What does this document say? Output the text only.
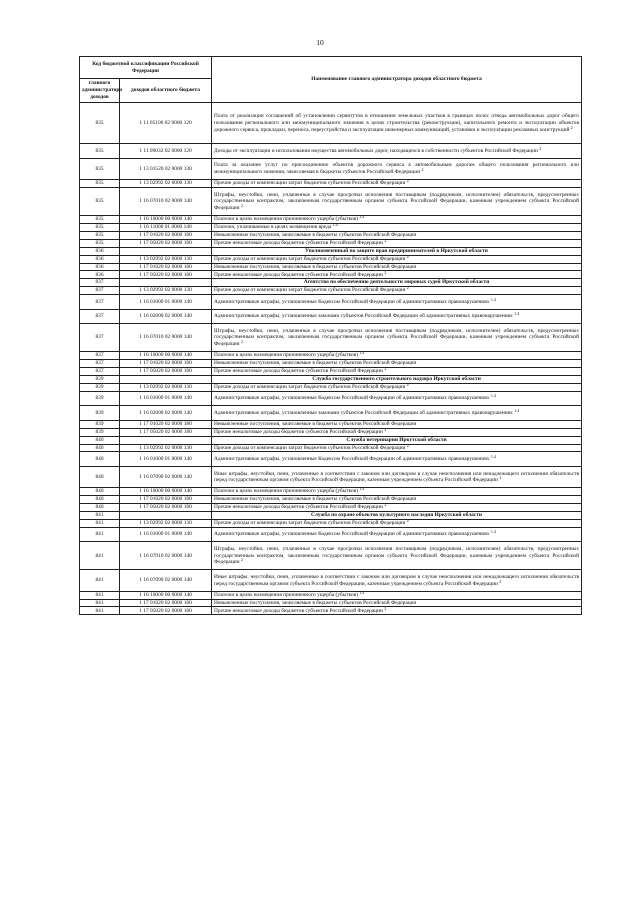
10
Код бюджетной классификации Российской Федерации		Наименование главного администратора доходов областного бюджета
главного администратора доходов	доходов областного бюджета	
835	1 11 05100 02 0000 120	Плата от реализации соглашений об установлении сервитутов в отношении земельных участков в границах полос отвода автомобильных дорог общего пользования регионального или межмуниципального значения в целях строительства (реконструкции), капитального ремонта и эксплуатации объектов дорожного сервиса, прокладки, переноса, переустройства и эксплуатации инженерных коммуникаций, установки и эксплуатации рекламных конструкций $^2$
835	1 11 09032 02 0000 120	Доходы от эксплуатации и использования имущества автомобильных дорог, находящихся в собственности субъектов Российской Федерации $^2$
835	1 13 01520 02 0000 130	Плата за оказание услуг по присоединению объектов дорожного сервиса к автомобильным дорогам общего пользования регионального или межмуниципального значения, зачисляемая в бюджеты субъектов Российской Федерации $^2$
835	1 13 02992 02 0000 130	Прочие доходы от компенсации затрат бюджетов субъектов Российской Федерации $^2$
835	1 16 07010 02 0000 140	Штрафы, неустойки, пени, уплаченные в случае просрочки исполнения поставщиком (подрядчиком, исполнителем) обязательств, предусмотренных государственным контрактом, заключенным государственным органом субъекта Российской Федерации, казенным учреждением субъекта Российской Федерации $^2$
835	1 16 10000 00 0000 140	Платежи в целях возмещения причиненного ущерба (убытков) $^{3,4}$
835	1 16 11000 01 0000 140	Платежи, уплачиваемые в целях возмещения вреда $^{1,4}$
835	1 17 01020 02 0000 180	Невыясненные поступления, зачисляемые в бюджеты субъектов Российской Федерации
835	1 17 05020 02 0000 180	Прочие неналоговые доходы бюджетов субъектов Российской Федерации $^2$
836		Уполномоченный по защите прав предпринимателей в Иркутской области
836	1 13 02992 02 0000 130	Прочие доходы от компенсации затрат бюджетов субъектов Российской Федерации $^2$
836	1 17 01020 02 0000 180	Невыясненные поступления, зачисляемые в бюджеты субъектов Российской Федерации
836	1 17 05020 02 0000 180	Прочие неналоговые доходы бюджетов субъектов Российской Федерации $^2$
837		Агентство по обеспечению деятельности мировых судей Иркутской области
837	1 13 02992 02 0000 130	Прочие доходы от компенсации затрат бюджетов субъектов Российской Федерации $^2$
837	1 16 01000 01 0000 140	Административные штрафы, установленные Кодексом Российской Федерации об административных правонарушениях $^{1,4}$
837	1 16 02000 02 0000 140	Административные штрафы, установленные законами субъектов Российской Федерации об административных правонарушениях $^{1,4}$
837	1 16 07010 02 0000 140	Штрафы, неустойки, пени, уплаченные в случае просрочки исполнения поставщиком (подрядчиком, исполнителем) обязательств, предусмотренных государственным контрактом, заключенным государственным органом субъекта Российской Федерации, казенным учреждением субъекта Российской Федерации $^2$
837	1 16 10000 00 0000 140	Платежи в целях возмещения причиненного ущерба (убытков) $^{1,4}$
837	1 17 01020 02 0000 180	Невыясненные поступления, зачисляемые в бюджеты субъектов Российской Федерации
837	1 17 05020 02 0000 180	Прочие неналоговые доходы бюджетов субъектов Российской Федерации $^2$
839		Служба государственного строительного надзора Иркутской области
839	1 13 02992 02 0000 130	Прочие доходы от компенсации затрат бюджетов субъектов Российской Федерации $^2$
839	1 16 01000 01 0000 140	Административные штрафы, установленные Кодексом Российской Федерации об административных правонарушениях $^{1,4}$
839	1 16 02000 02 0000 140	Административные штрафы, установленные законами субъектов Российской Федерации об административных правонарушениях $^{1,4}$
839	1 17 01020 02 0000 180	Невыясненные поступления, зачисляемые в бюджеты субъектов Российской Федерации
839	1 17 05020 02 0000 180	Прочие неналоговые доходы бюджетов субъектов Российской Федерации $^2$
840		Служба ветеринарии Иркутской области
840	1 13 02992 02 0000 130	Прочие доходы от компенсации затрат бюджетов субъектов Российской Федерации $^2$
840	1 16 01000 01 0000 140	Административные штрафы, установленные Кодексом Российской Федерации об административных правонарушениях $^{1,4}$
840	1 16 07090 02 0000 140	Иные штрафы, неустойки, пени, уплаченные в соответствии с законом или договором в случае неисполнения или ненадлежащего исполнения обязательств перед государственным органом субъекта Российской Федерации, казенным учреждением субъекта Российской Федерации $^2$
840	1 16 10000 00 0000 140	Платежи в целях возмещения причиненного ущерба (убытков) $^{1,4}$
840	1 17 01020 02 0000 180	Невыясненные поступления, зачисляемые в бюджеты субъектов Российской Федерации
840	1 17 05020 02 0000 180	Прочие неналоговые доходы бюджетов субъектов Российской Федерации $^2$
841		Служба по охране объектов культурного наследия Иркутской области
841	1 13 02992 02 0000 130	Прочие доходы от компенсации затрат бюджетов субъектов Российской Федерации $^2$
841	1 16 01000 01 0000 140	Административные штрафы, установленные Кодексом Российской Федерации об административных правонарушениях $^{1,4}$
841	1 16 07010 02 0000 140	Штрафы, неустойки, пени, уплаченные в случае просрочки исполнения поставщиком (подрядчиком, исполнителем) обязательств, предусмотренных государственным контрактом, заключенным государственным органом субъекта Российской Федерации, казенным учреждением субъекта Российской Федерации $^2$
841	1 16 07090 02 0000 140	Иные штрафы, неустойки, пени, уплаченные в соответствии с законом или договором в случае неисполнения или ненадлежащего исполнения обязательств перед государственным органом субъекта Российской Федерации, казенным учреждением субъекта Российской Федерации $^2$
841	1 16 10000 00 0000 140	Платежи в целях возмещения причиненного ущерба (убытков) $^{1,4}$
841	1 17 01020 02 0000 180	Невыясненные поступления, зачисляемые в бюджеты субъектов Российской Федерации
841	1 17 05020 02 0000 180	Прочие неналоговые доходы бюджетов субъектов Российской Федерации $^2$
